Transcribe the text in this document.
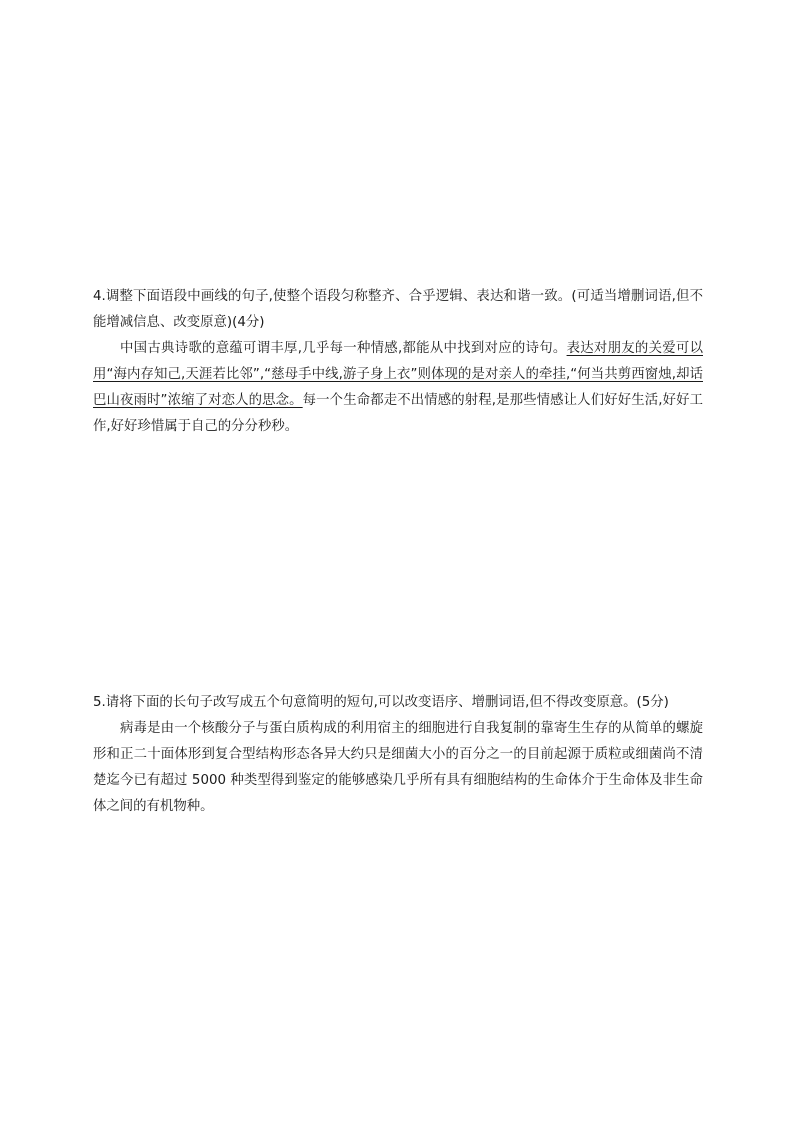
4.调整下面语段中画线的句子,使整个语段匀称整齐、合乎逻辑、表达和谐一致。(可适当增删词语,但不能增减信息、改变原意)(4分)

中国古典诗歌的意蕴可谓丰厚,几乎每一种情感,都能从中找到对应的诗句。表达对朋友的关爱可以用“海内存知己,天涯若比邻”,“慈母手中线,游子身上衣”则体现的是对亲人的牵挂,“何当共剪西窗烛,却话巴山夜雨时”浓缩了对恋人的思念。每一个生命都走不出情感的射程,是那些情感让人们好好生活,好好工作,好好珍惜属于自己的分分秒秒。

5.请将下面的长句子改写成五个句意简明的短句,可以改变语序、增删词语,但不得改变原意。(5分)

病毒是由一个核酸分子与蛋白质构成的利用宿主的细胞进行自我复制的靠寄生生存的从简单的螺旋形和正二十面体形到复合型结构形态各异大约只是细菌大小的百分之一的目前起源于质粒或细菌尚不清楚迄今已有超过 5000 种类型得到鉴定的能够感染几乎所有具有细胞结构的生命体介于生命体及非生命体之间的有机物种。
